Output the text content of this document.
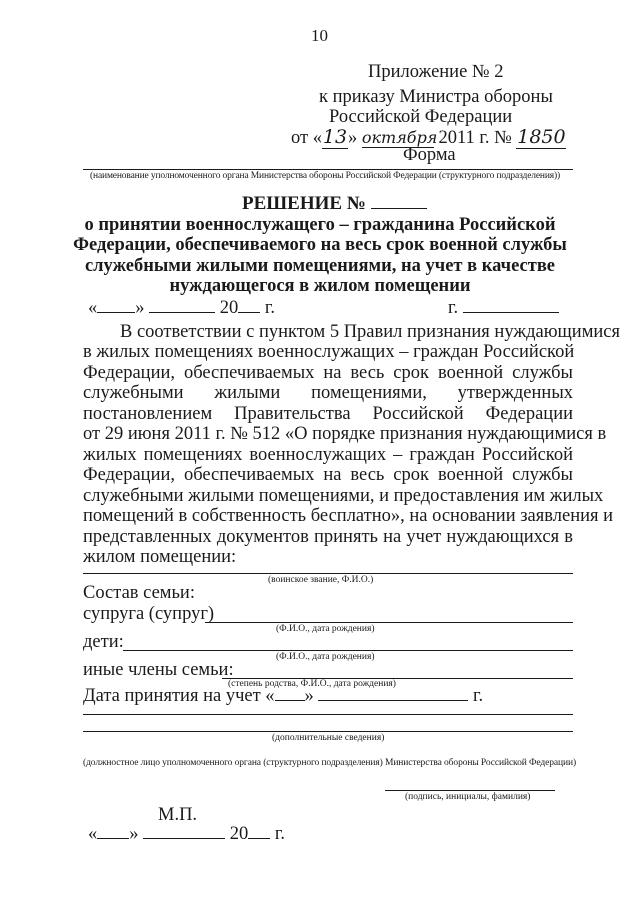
10
Приложение № 2
к приказу Министра обороны
Российской Федерации
от «13» октября 2011 г. № 1850
Форма
(наименование уполномоченного органа Министерства обороны Российской Федерации (структурного подразделения))
РЕШЕНИЕ №
о принятии военнослужащего – гражданина Российской
Федерации, обеспечиваемого на весь срок военной службы
служебными жилыми помещениями, на учет в качестве
нуждающегося в жилом помещении
« »	20 г.	г.
В соответствии с пунктом 5 Правил признания нуждающимися
в жилых помещениях военнослужащих – граждан Российской
Федерации, обеспечиваемых на весь срок военной службы
служебными жилыми помещениями, утвержденных
постановлением Правительства Российской Федерации
от 29 июня 2011 г. № 512 «О порядке признания нуждающимися в
жилых помещениях военнослужащих – граждан Российской
Федерации, обеспечиваемых на весь срок военной службы
служебными жилыми помещениями, и предоставления им жилых
помещений в собственность бесплатно», на основании заявления и
представленных документов принять на учет нуждающихся в
жилом помещении:
(воинское звание, Ф.И.О.)
Состав семьи:
супруга (супруг)
(Ф.И.О., дата рождения)
дети:
(Ф.И.О., дата рождения)
иные члены семьи:
(степень родства, Ф.И.О., дата рождения)
Дата принятия на учет « »	г.
(дополнительные сведения)
(должностное лицо уполномоченного органа (структурного подразделения) Министерства обороны Российской Федерации)
(подпись, инициалы, фамилия)
М.П.
« »	20 г.
